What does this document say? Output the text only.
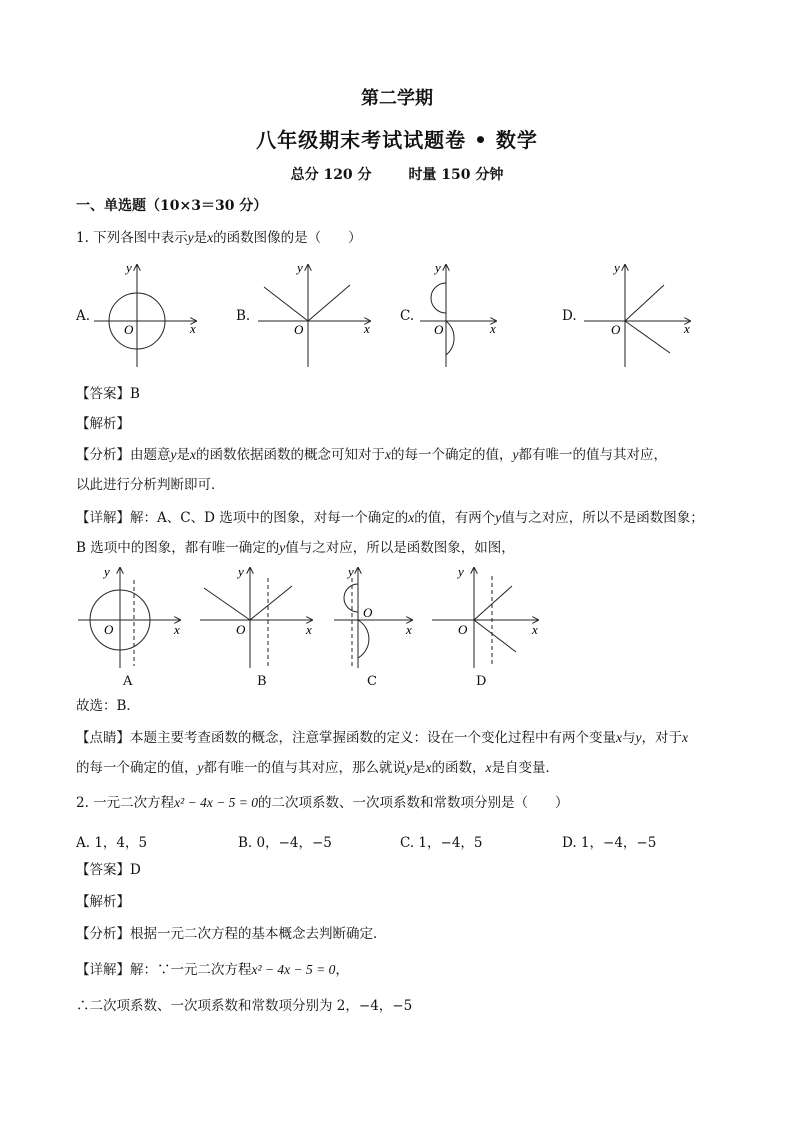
第二学期
八年级期末考试试题卷 • 数学
总分 120 分	时量 150 分钟
一、单选题（10×3＝30 分）
1. 下列各图中表示y是x的函数图像的是（　　）
A.	B.	C.	D.
x
y
O	x
y
O	x
y
O	x
y
O
【答案】B
【解析】
【分析】由题意y是x的函数依据函数的概念可知对于x的每一个确定的值，y都有唯一的值与其对应，
以此进行分析判断即可．
【详解】解：A、C、D 选项中的图象，对每一个确定的x的值，有两个y值与之对应，所以不是函数图象；
B 选项中的图象，都有唯一确定的y值与之对应，所以是函数图象，如图，
x
y
O	x
y
O	x
y
O
x
y
O
A	B	C	D
故选：B．
【点睛】本题主要考查函数的概念，注意掌握函数的定义：设在一个变化过程中有两个变量x与y，对于x
的每一个确定的值，y都有唯一的值与其对应，那么就说y是x的函数，x是自变量．
2. 一元二次方程x² − 4x − 5 = 0的二次项系数、一次项系数和常数项分别是（　　）
A. 1，4，5	B. 0，−4，−5	C. 1，−4，5	D. 1，−4，−5
【答案】D
【解析】
【分析】根据一元二次方程的基本概念去判断确定．
【详解】解：∵一元二次方程x² − 4x − 5 = 0，
∴二次项系数、一次项系数和常数项分别为 2，−4，−5
